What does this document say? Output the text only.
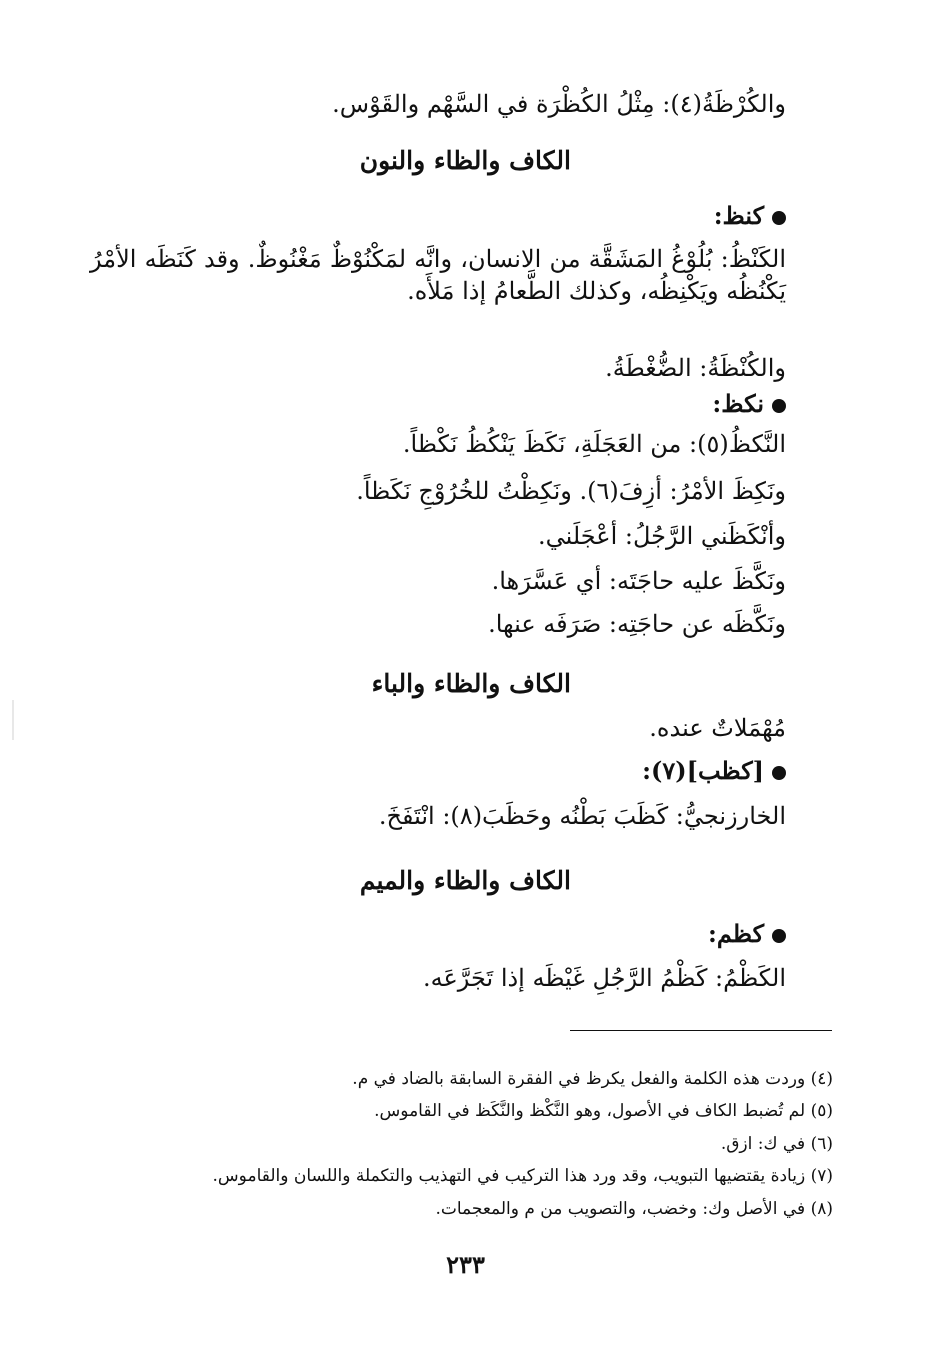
والكُرْظَةُ(٤): مِثْلُ الكُظْرَة في السَّهْم والقَوْس.
الكاف والظاء والنون
كنظ:
الكَنْظُ: بُلُوْغُ المَشَقَّة من الانسان، وانَّه لمَكْنُوْظٌ مَغْنُوظٌ. وقد كَنَظَه الأمْرُ يَكْنُظُه ويَكْنِظُه، وكذلك الطَّعامُ إذا مَلأَه.
والكُنْظَةُ: الضُّغْطَةُ.
نكظ:
النَّكظُ(٥): من العَجَلَةِ، نَكَظَ يَنْكُظُ نَكْظاً.
ونَكِظَ الأمْرُ: أزِفَ(٦). ونَكِظْتُ للخُرُوْجِ نَكَظاً.
وأنْكَظَني الرَّجُلُ: أعْجَلَني.
ونَكَّظَ عليه حاجَتَه: أي عَسَّرَها.
ونَكَّظَه عن حاجَتِه: صَرَفَه عنها.
الكاف والظاء والباء
مُهْمَلاتٌ عنده.
[كظب](٧):
الخارزنجيُّ: كَظَبَ بَطْنُه وحَظَبَ(٨): انْتَفَخَ.
الكاف والظاء والميم
كظم:
الكَظْمُ: كَظْمُ الرَّجُلِ غَيْظَه إذا تَجَرَّعَه.
(٤) وردت هذه الكلمة والفعل يكرظ في الفقرة السابقة بالضاد في م.
(٥) لم تُضبط الكاف في الأصول، وهو النَّكْظ والنَّكَظ في القاموس.
(٦) في ك: ازق.
(٧) زيادة يقتضيها التبويب، وقد ورد هذا التركيب في التهذيب والتكملة واللسان والقاموس.
(٨) في الأصل وك: وخضب، والتصويب من م والمعجمات.
٢٣٣
